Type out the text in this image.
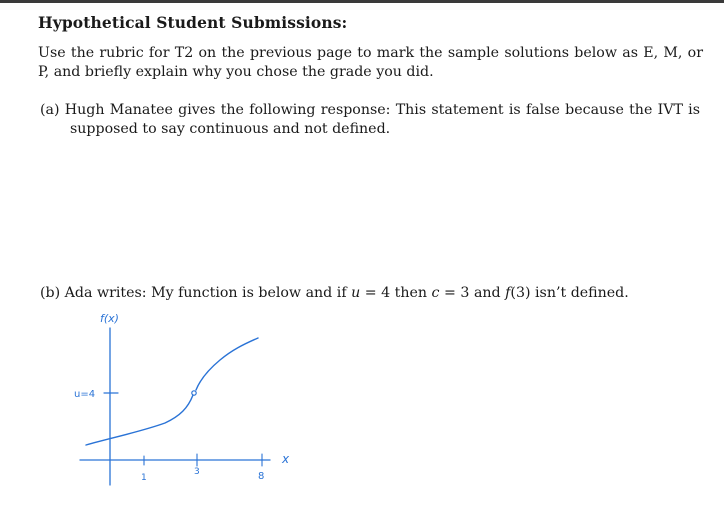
Hypothetical Student Submissions:
Use the rubric for T2 on the previous page to mark the sample solutions below as E, M, or P, and briefly explain why you chose the grade you did.
(a) Hugh Manatee gives the following response: This statement is false because the IVT is supposed to say continuous and not defined.
(b) Ada writes: My function is below and if u = 4 then c = 3 and f(3) isn’t defined.
f(x)
u=4
1
3	8
x
